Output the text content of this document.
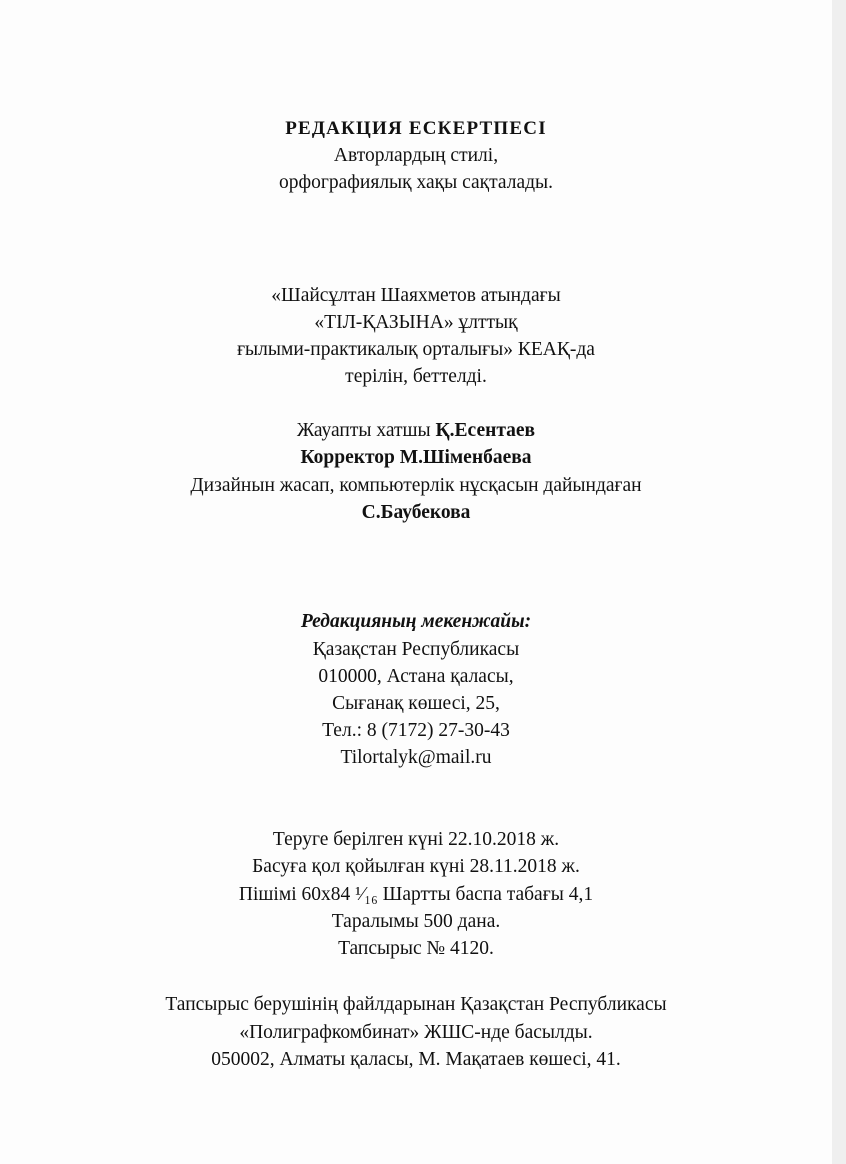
РЕДАКЦИЯ ЕСКЕРТПЕСІ
Авторлардың стилі,
орфографиялық хақы сақталады.
«Шайсұлтан Шаяхметов атындағы
«ТІЛ-ҚАЗЫНА» ұлттық
ғылыми-практикалық орталығы» КЕАҚ-да
терілін, беттелді.
Жауапты хатшы Қ.Есентаев
Корректор М.Шіменбаева
Дизайнын жасап, компьютерлік нұсқасын дайындаған
С.Баубекова
Редакцияның мекенжайы:
Қазақстан Республикасы
010000, Астана қаласы,
Сығанақ көшесі, 25,
Тел.: 8 (7172) 27-30-43
Tilortalyk@mail.ru
Теруге берілген күні 22.10.2018 ж.
Басуға қол қойылған күні 28.11.2018 ж.
Пішімі 60х84 ¹⁄₁₆ Шартты баспа табағы 4,1
Таралымы 500 дана.
Тапсырыс № 4120.
Тапсырыс берушінің файлдарынан Қазақстан Республикасы
«Полиграфкомбинат» ЖШС-нде басылды.
050002, Алматы қаласы, М. Мақатаев көшесі, 41.
